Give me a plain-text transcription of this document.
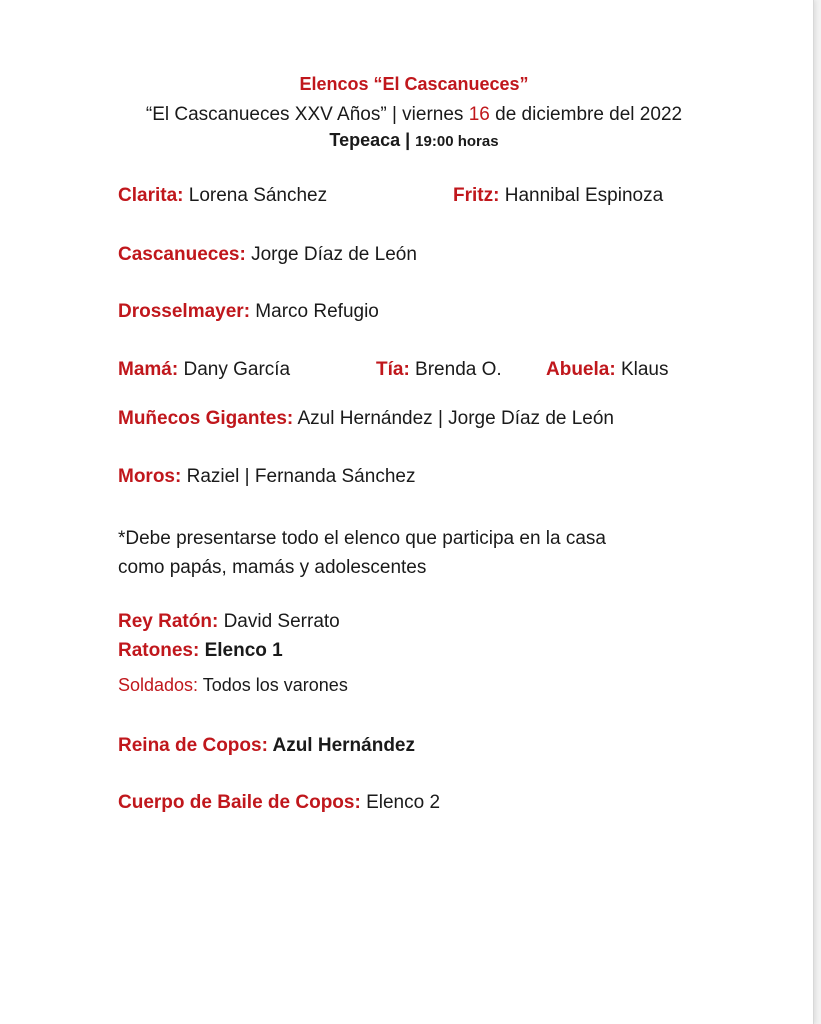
Elencos “El Cascanueces”
“El Cascanueces XXV Años” | viernes 16 de diciembre del 2022
Tepeaca | 19:00 horas
Clarita: Lorena Sánchez	Fritz: Hannibal Espinoza
Cascanueces: Jorge Díaz de León
Drosselmayer: Marco Refugio
Mamá: Dany García	Tía: Brenda O. Abuela: Klaus
Muñecos Gigantes: Azul Hernández | Jorge Díaz de León
Moros: Raziel | Fernanda Sánchez
*Debe presentarse todo el elenco que participa en la casa
como papás, mamás y adolescentes
Rey Ratón: David Serrato
Ratones: Elenco 1
Soldados: Todos los varones
Reina de Copos: Azul Hernández
Cuerpo de Baile de Copos: Elenco 2
